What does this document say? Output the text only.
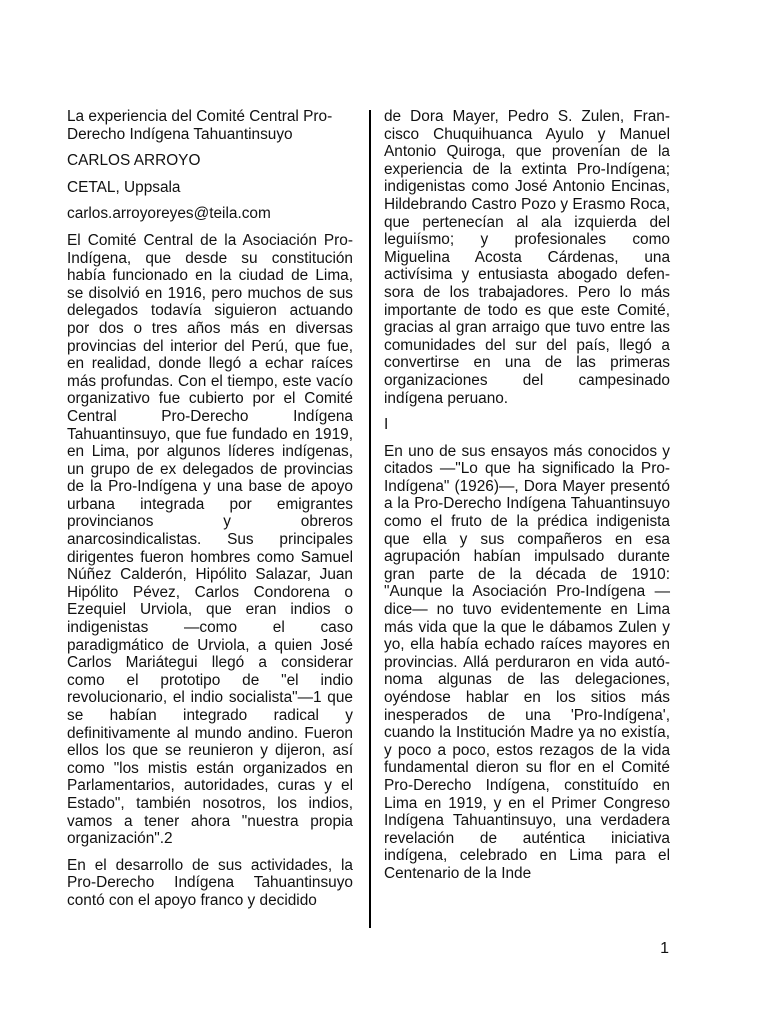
La experiencia del Comité Central Pro-Derecho Indígena Tahuantinsuyo

CARLOS ARROYO

CETAL, Uppsala

carlos.arroyoreyes@teila.com

El Comité Central de la Asociación Pro-Indígena, que desde su constitución había funcionado en la ciudad de Lima, se disolvió en 1916, pero muchos de sus delegados todavía siguieron actuando por dos o tres años más en diversas provincias del interior del Perú, que fue, en realidad, donde llegó a echar raíces más profundas. Con el tiempo, este vacío organizativo fue cubierto por el Comité Central Pro-Derecho Indígena Tahuantinsuyo, que fue fundado en 1919, en Lima, por algunos líderes indígenas, un grupo de ex delegados de provincias de la Pro-Indígena y una base de apoyo urbana integrada por emigrantes provincianos y obreros anarcosindicalistas. Sus principales dirigentes fueron hombres como Samuel Núñez Calderón, Hipólito Salazar, Juan Hipólito Pévez, Carlos Condorena o Ezequiel Urviola, que eran indios o indigenistas —como el caso paradigmático de Urviola, a quien José Carlos Mariátegui llegó a considerar como el prototipo de "el indio revolucionario, el indio socialista"—1 que se habían integrado radical y definitivamente al mundo andino. Fueron ellos los que se reunieron y dijeron, así como "los mistis están organizados en Parlamentarios, autoridades, curas y el Estado", también nosotros, los indios, vamos a tener ahora "nuestra propia organización".2

En el desarrollo de sus actividades, la Pro-Derecho Indígena Tahuantinsuyo contó con el apoyo franco y decidido

de Dora Mayer, Pedro S. Zulen, Francisco Chuquihuanca Ayulo y Manuel Antonio Quiroga, que provenían de la experiencia de la extinta Pro-Indígena; indigenistas como José Antonio Encinas, Hildebrando Castro Pozo y Erasmo Roca, que pertenecían al ala izquierda del leguiísmo; y profesionales como Miguelina Acosta Cárdenas, una activísima y entusiasta abogado defensora de los trabajadores. Pero lo más importante de todo es que este Comité, gracias al gran arraigo que tuvo entre las comunidades del sur del país, llegó a convertirse en una de las primeras organizaciones del campesinado indígena peruano.

I

En uno de sus ensayos más conocidos y citados —"Lo que ha significado la Pro-Indígena" (1926)—, Dora Mayer presentó a la Pro-Derecho Indígena Tahuantinsuyo como el fruto de la prédica indigenista que ella y sus compañeros en esa agrupación habían impulsado durante gran parte de la década de 1910: "Aunque la Asociación Pro-Indígena —dice— no tuvo evidentemente en Lima más vida que la que le dábamos Zulen y yo, ella había echado raíces mayores en provincias. Allá perduraron en vida autónoma algunas de las delegaciones, oyéndose hablar en los sitios más inesperados de una 'Pro-Indígena', cuando la Institución Madre ya no existía, y poco a poco, estos rezagos de la vida fundamental dieron su flor en el Comité Pro-Derecho Indígena, constituído en Lima en 1919, y en el Primer Congreso Indígena Tahuantinsuyo, una verdadera revelación de auténtica iniciativa indígena, celebrado en Lima para el Centenario de la Inde

1
